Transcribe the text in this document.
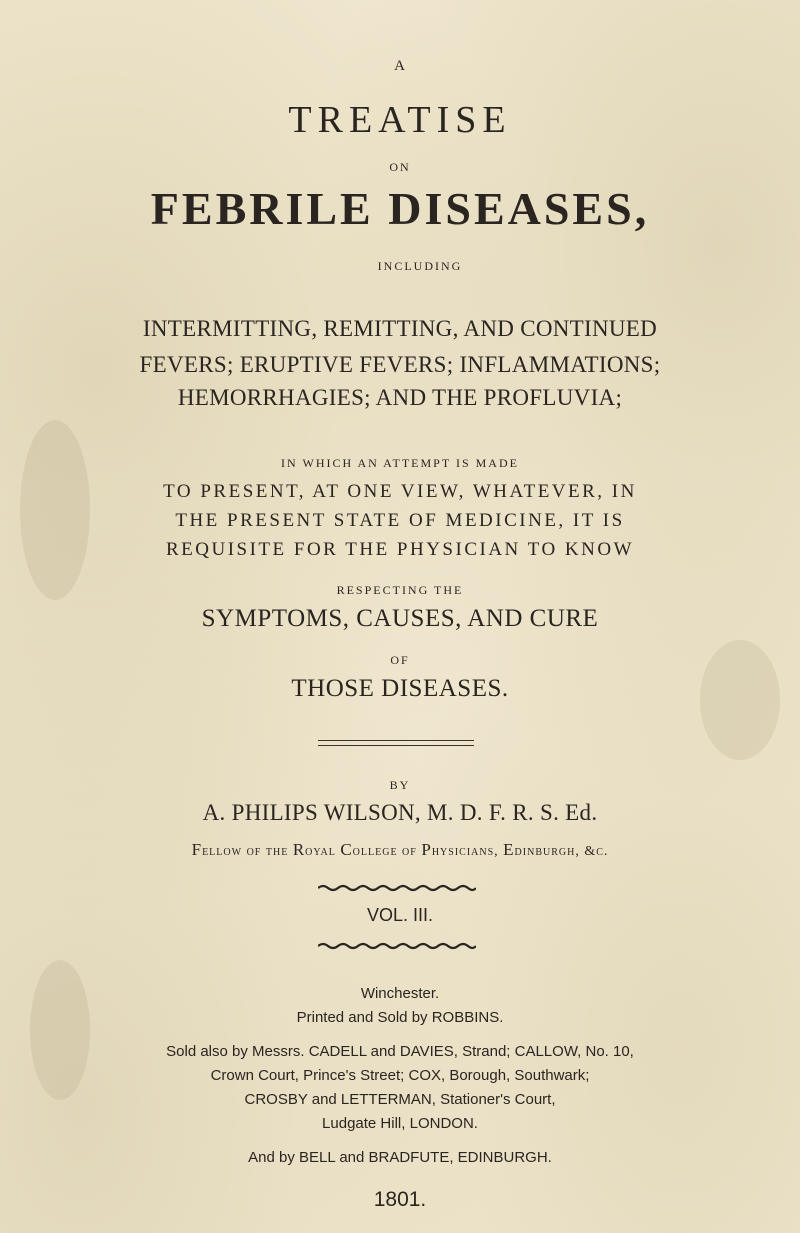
A
TREATISE
ON
FEBRILE DISEASES,
INCLUDING
INTERMITTING, REMITTING, AND CONTINUED
FEVERS; ERUPTIVE FEVERS; INFLAMMATIONS;
HEMORRHAGIES; AND THE PROFLUVIA;
IN WHICH AN ATTEMPT IS MADE
TO PRESENT, AT ONE VIEW, WHATEVER, IN
THE PRESENT STATE OF MEDICINE, IT IS
REQUISITE FOR THE PHYSICIAN TO KNOW
RESPECTING THE
SYMPTOMS, CAUSES, AND CURE
OF
THOSE DISEASES.
BY
A. PHILIPS WILSON, M. D. F. R. S. Ed.
Fellow of the Royal College of Physicians, Edinburgh, &c.
VOL. III.
Winchester.
Printed and Sold by ROBBINS.
Sold also by Messrs. CADELL and DAVIES, Strand; CALLOW, No. 10,
Crown Court, Prince's Street; COX, Borough, Southwark;
CROSBY and LETTERMAN, Stationer's Court,
Ludgate Hill, LONDON.
And by BELL and BRADFUTE, EDINBURGH.
1801.
